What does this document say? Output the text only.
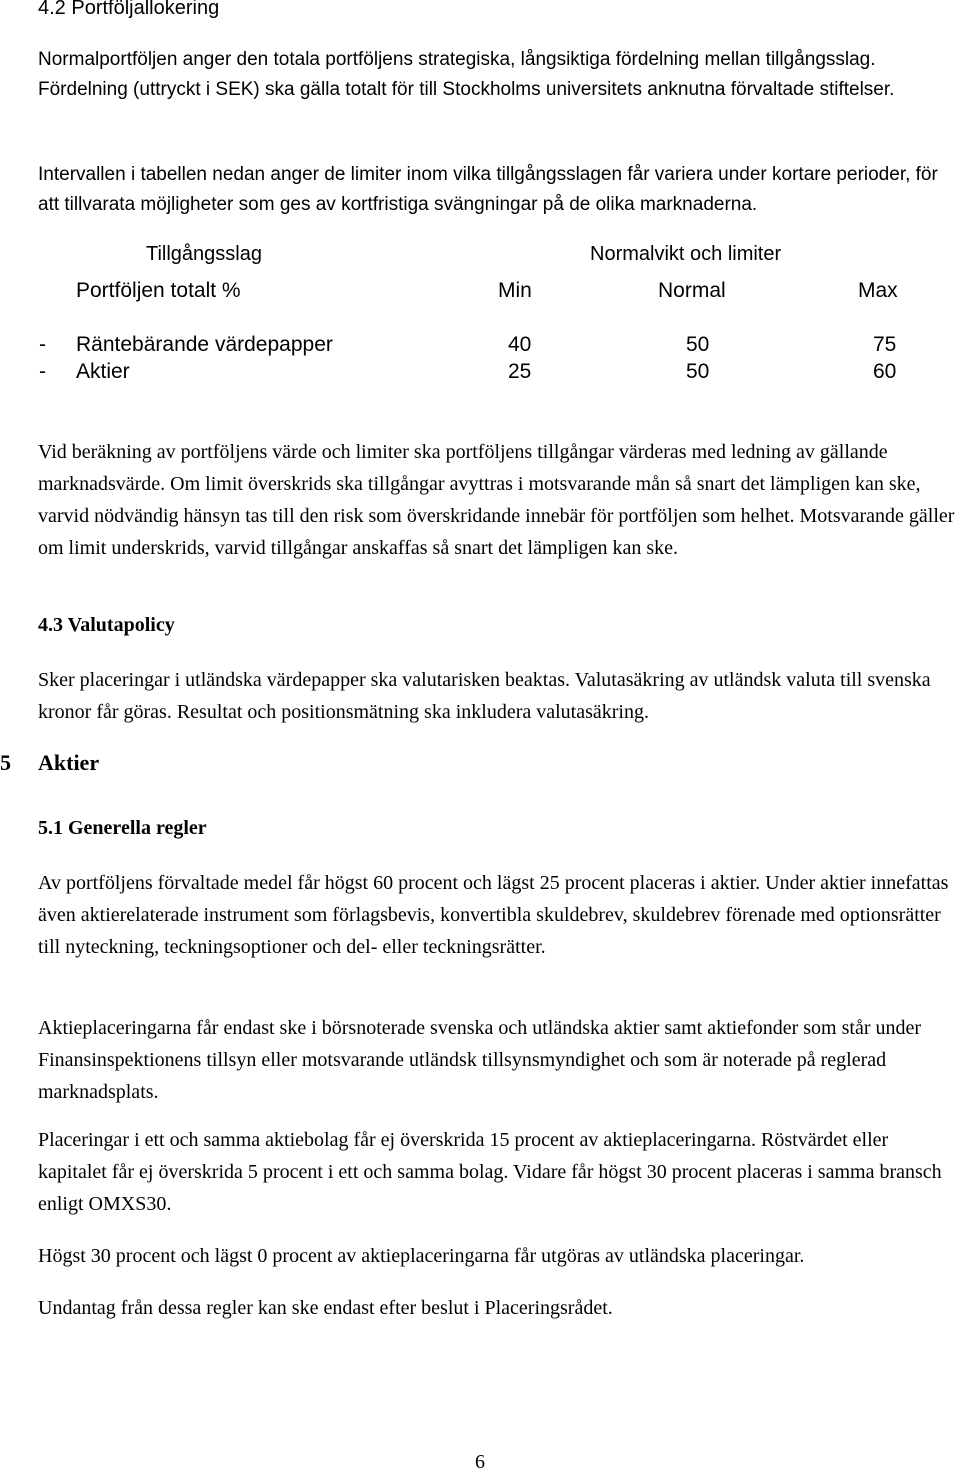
4.2 Portföljallokering

Normalportföljen anger den totala portföljens strategiska, långsiktiga fördelning mellan tillgångsslag. Fördelning (uttryckt i SEK) ska gälla totalt för till Stockholms universitets anknutna förvaltade stiftelser.

Intervallen i tabellen nedan anger de limiter inom vilka tillgångsslagen får variera under kortare perioder, för att tillvarata möjligheter som ges av kortfristiga svängningar på de olika marknaderna.

Tillgångsslag	Normalvikt och limiter
Portföljen totalt %	Min	Normal	Max
- Räntebärande värdepapper	40	50	75
- Aktier	25	50	60

Vid beräkning av portföljens värde och limiter ska portföljens tillgångar värderas med ledning av gällande marknadsvärde. Om limit överskrids ska tillgångar avyttras i motsvarande mån så snart det lämpligen kan ske, varvid nödvändig hänsyn tas till den risk som överskridande innebär för portföljen som helhet. Motsvarande gäller om limit underskrids, varvid tillgångar anskaffas så snart det lämpligen kan ske.

4.3 Valutapolicy

Sker placeringar i utländska värdepapper ska valutarisken beaktas. Valutasäkring av utländsk valuta till svenska kronor får göras. Resultat och positionsmätning ska inkludera valutasäkring.

5 Aktier
5.1 Generella regler

Av portföljens förvaltade medel får högst 60 procent och lägst 25 procent placeras i aktier. Under aktier innefattas även aktierelaterade instrument som förlagsbevis, konvertibla skuldebrev, skuldebrev förenade med optionsrätter till nyteckning, teckningsoptioner och del- eller teckningsrätter.

Aktieplaceringarna får endast ske i börsnoterade svenska och utländska aktier samt aktiefonder som står under Finansinspektionens tillsyn eller motsvarande utländsk tillsynsmyndighet och som är noterade på reglerad marknadsplats.

Placeringar i ett och samma aktiebolag får ej överskrida 15 procent av aktieplaceringarna. Röstvärdet eller kapitalet får ej överskrida 5 procent i ett och samma bolag. Vidare får högst 30 procent placeras i samma bransch enligt OMXS30.

Högst 30 procent och lägst 0 procent av aktieplaceringarna får utgöras av utländska placeringar.

Undantag från dessa regler kan ske endast efter beslut i Placeringsrådet.

6
